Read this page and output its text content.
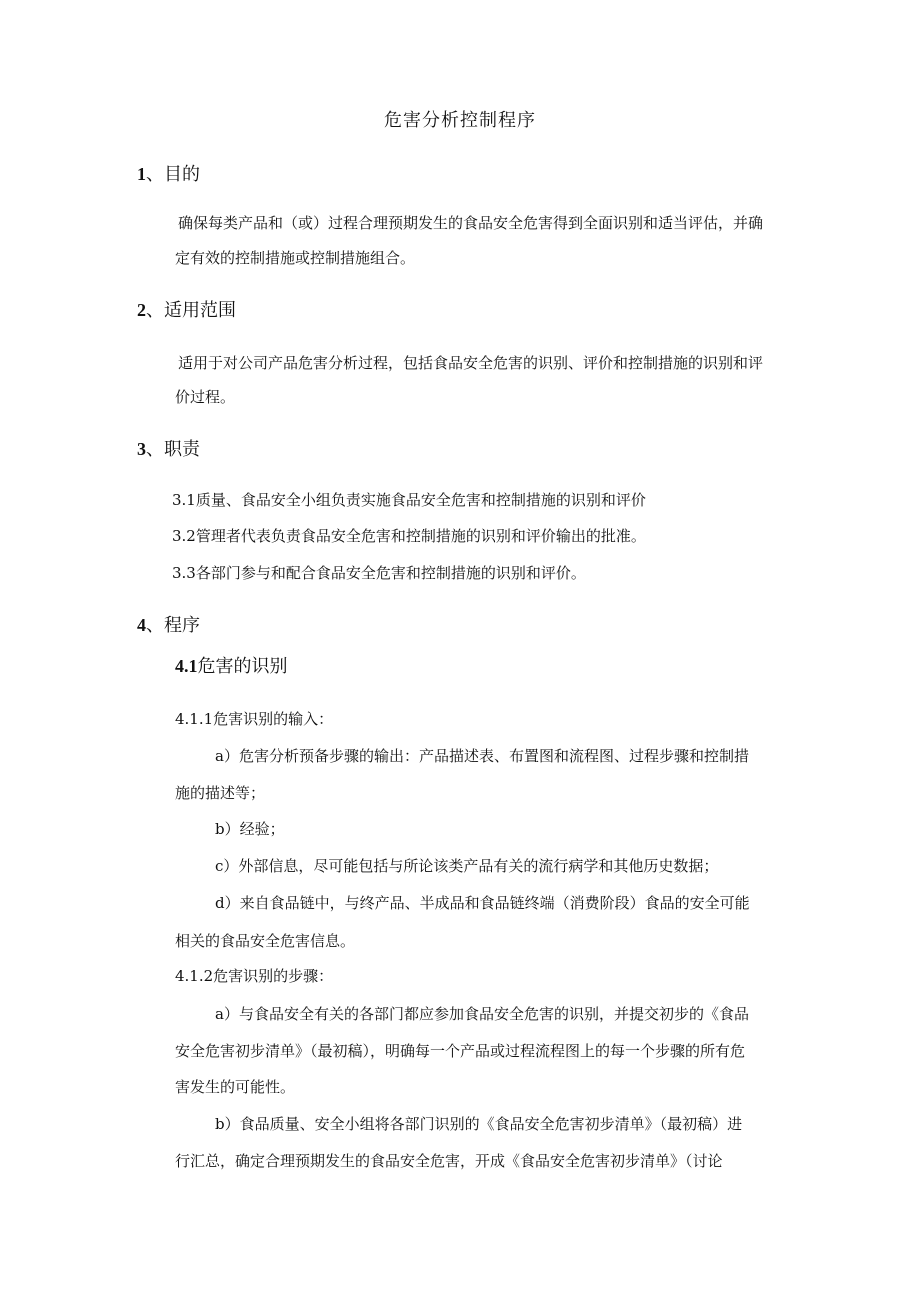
危害分析控制程序
1、目的
确保每类产品和（或）过程合理预期发生的食品安全危害得到全面识别和适当评估，并确
定有效的控制措施或控制措施组合。
2、适用范围
适用于对公司产品危害分析过程，包括食品安全危害的识别、评价和控制措施的识别和评
价过程。
3、职责
3.1质量、食品安全小组负责实施食品安全危害和控制措施的识别和评价
3.2管理者代表负责食品安全危害和控制措施的识别和评价输出的批准。
3.3各部门参与和配合食品安全危害和控制措施的识别和评价。
4、程序
4.1危害的识别
4.1.1危害识别的输入：
a）危害分析预备步骤的输出：产品描述表、布置图和流程图、过程步骤和控制措
施的描述等；
b）经验；
c）外部信息，尽可能包括与所论该类产品有关的流行病学和其他历史数据；
d）来自食品链中，与终产品、半成品和食品链终端（消费阶段）食品的安全可能
相关的食品安全危害信息。
4.1.2危害识别的步骤：
a）与食品安全有关的各部门都应参加食品安全危害的识别，并提交初步的《食品
安全危害初步清单》（最初稿），明确每一个产品或过程流程图上的每一个步骤的所有危
害发生的可能性。
b）食品质量、安全小组将各部门识别的《食品安全危害初步清单》（最初稿）进
行汇总，确定合理预期发生的食品安全危害，开成《食品安全危害初步清单》（讨论
